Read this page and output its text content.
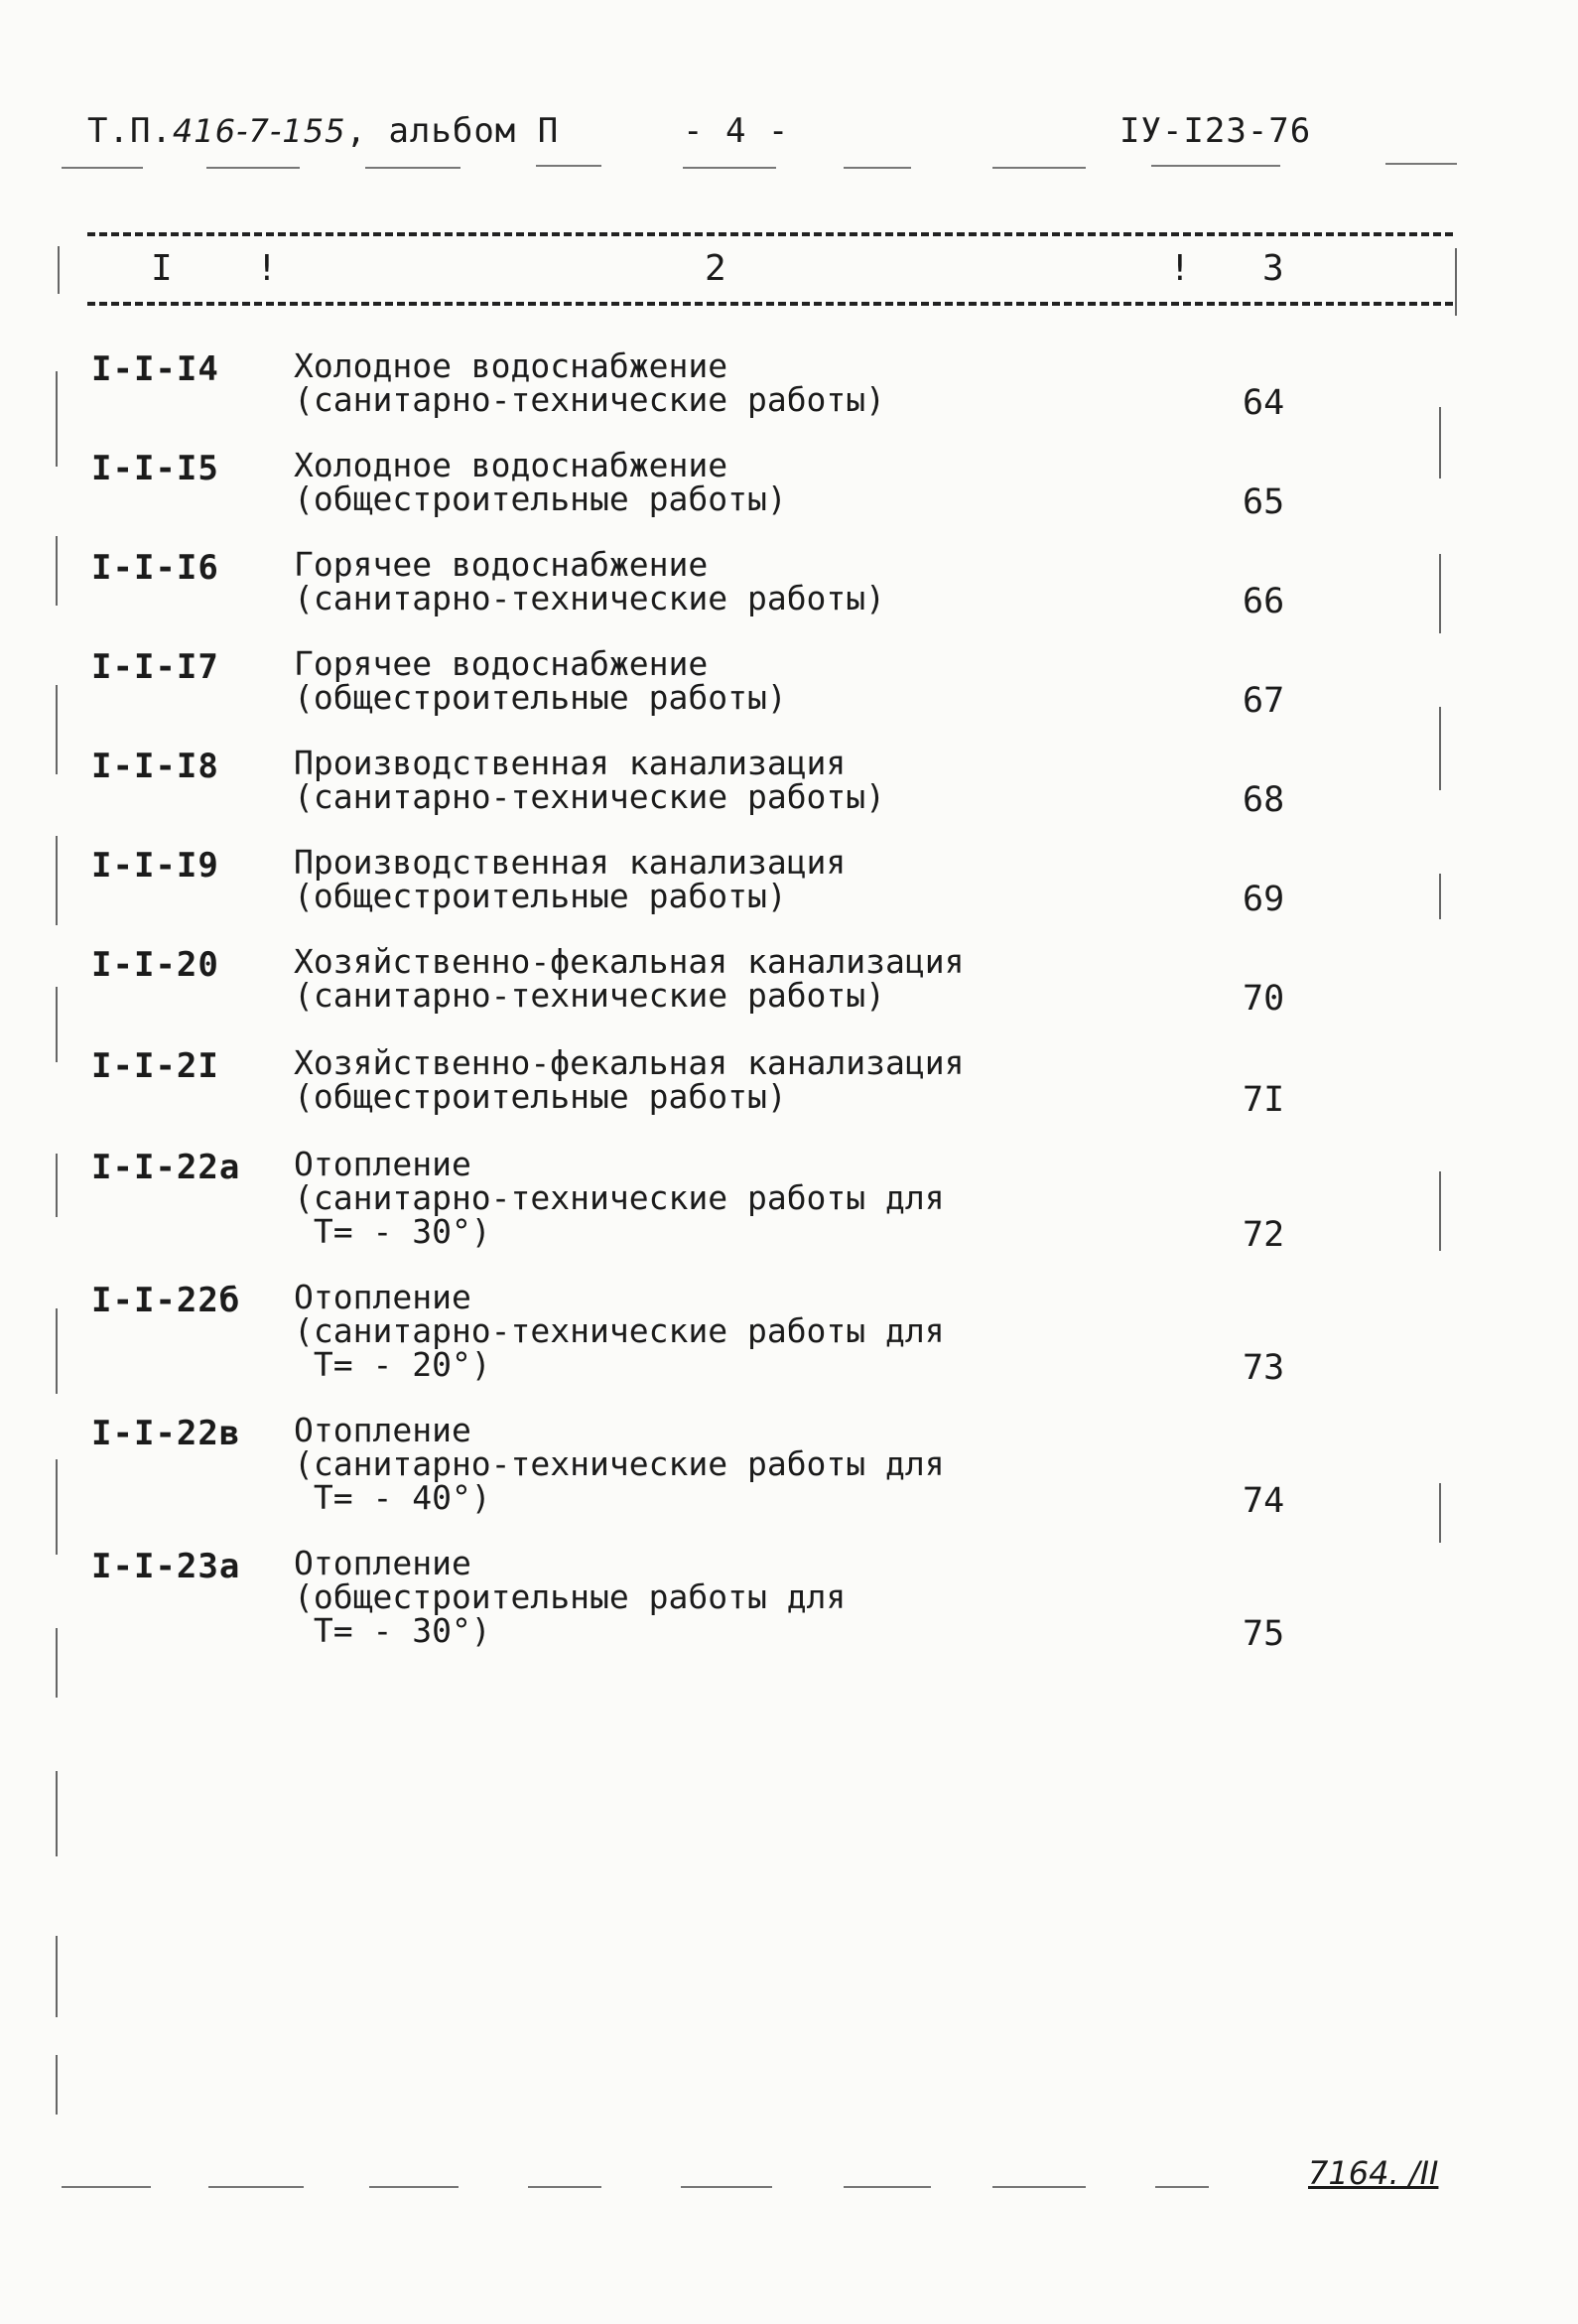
Т.П.416-7-155, альбом П	- 4 -	IУ-I23-76
I !	2	! 3
I-I-I4 Холодное водоснабжение
(санитарно-технические работы)	64
I-I-I5 Холодное водоснабжение
(общестроительные работы)	65
I-I-I6 Горячее водоснабжение
(санитарно-технические работы)	66
I-I-I7 Горячее водоснабжение
(общестроительные работы)	67
I-I-I8 Производственная канализация
(санитарно-технические работы)	68
I-I-I9 Производственная канализация
(общестроительные работы)	69
I-I-20 Хозяйственно-фекальная канализация
(санитарно-технические работы)	70
I-I-2I Хозяйственно-фекальная канализация
(общестроительные работы)	7I
I-I-22а Отопление
(санитарно-технические работы для
T= - 30°)	72
I-I-22б Отопление
(санитарно-технические работы для
T= - 20°)	73
I-I-22в Отопление
(санитарно-технические работы для
T= - 40°)	74
I-I-23а Отопление
(общестроительные работы для
T= - 30°)	75
7164. /II
